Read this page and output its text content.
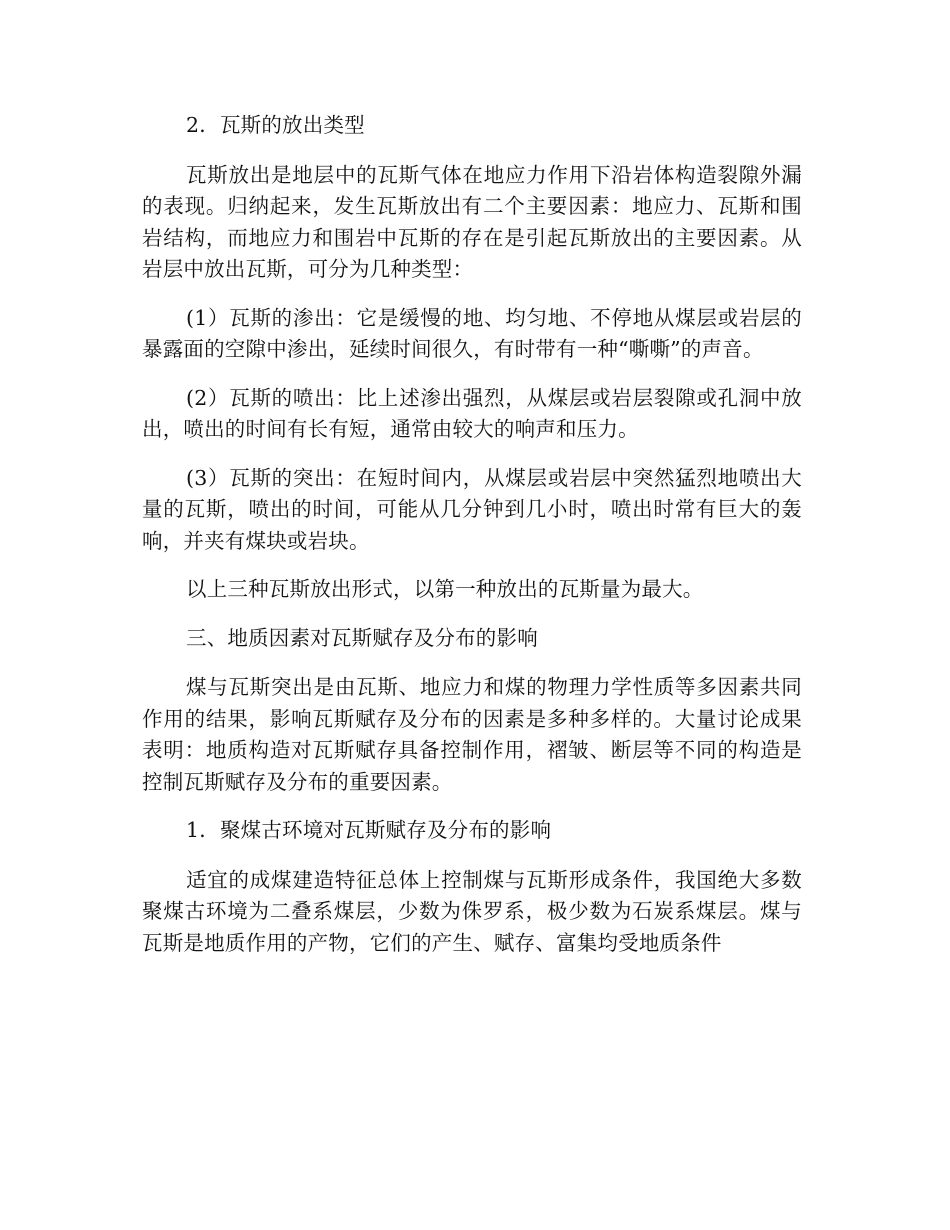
2．瓦斯的放出类型

瓦斯放出是地层中的瓦斯气体在地应力作用下沿岩体构造裂隙外漏的表现。归纳起来，发生瓦斯放出有二个主要因素：地应力、瓦斯和围岩结构，而地应力和围岩中瓦斯的存在是引起瓦斯放出的主要因素。从岩层中放出瓦斯，可分为几种类型：

(1）瓦斯的渗出：它是缓慢的地、均匀地、不停地从煤层或岩层的暴露面的空隙中渗出，延续时间很久，有时带有一种“嘶嘶”的声音。

(2）瓦斯的喷出：比上述渗出强烈，从煤层或岩层裂隙或孔洞中放出，喷出的时间有长有短，通常由较大的响声和压力。

(3）瓦斯的突出：在短时间内，从煤层或岩层中突然猛烈地喷出大量的瓦斯，喷出的时间，可能从几分钟到几小时，喷出时常有巨大的轰响，并夹有煤块或岩块。

以上三种瓦斯放出形式，以第一种放出的瓦斯量为最大。

三、地质因素对瓦斯赋存及分布的影响

煤与瓦斯突出是由瓦斯、地应力和煤的物理力学性质等多因素共同作用的结果，影响瓦斯赋存及分布的因素是多种多样的。大量讨论成果表明：地质构造对瓦斯赋存具备控制作用，褶皱、断层等不同的构造是控制瓦斯赋存及分布的重要因素。

1．聚煤古环境对瓦斯赋存及分布的影响

适宜的成煤建造特征总体上控制煤与瓦斯形成条件，我国绝大多数聚煤古环境为二叠系煤层，少数为侏罗系，极少数为石炭系煤层。煤与瓦斯是地质作用的产物，它们的产生、赋存、富集均受地质条件
